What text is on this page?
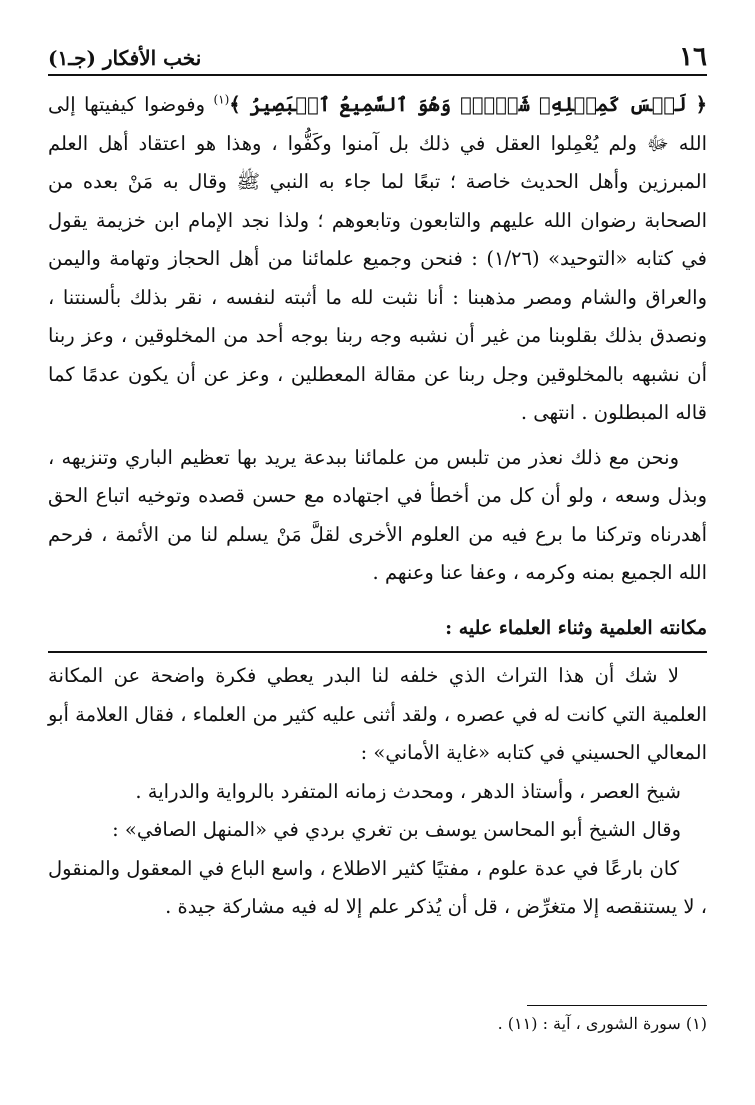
١٦
نخب الأفكار (جـ١)

﴿ لَيۡسَ كَمِثۡلِهِۦ شَيۡءٞۖ وَهُوَ ٱلسَّمِيعُ ٱلۡبَصِيرُ ﴾$^{(١)}$ وفوضوا كيفيتها إلى الله ﷻ ولم يُعْمِلوا العقل في ذلك بل آمنوا وكَفُّوا ، وهذا هو اعتقاد أهل العلم المبرزين وأهل الحديث خاصة ؛ تبعًا لما جاء به النبي ﷺ وقال به مَنْ بعده من الصحابة رضوان الله عليهم والتابعون وتابعوهم ؛ ولذا نجد الإمام ابن خزيمة يقول في كتابه «التوحيد» (١/٢٦) : فنحن وجميع علمائنا من أهل الحجاز وتهامة واليمن والعراق والشام ومصر مذهبنا : أنا نثبت لله ما أثبته لنفسه ، نقر بذلك بألسنتنا ، ونصدق بذلك بقلوبنا من غير أن نشبه وجه ربنا بوجه أحد من المخلوقين ، وعز ربنا أن نشبهه بالمخلوقين وجل ربنا عن مقالة المعطلين ، وعز عن أن يكون عدمًا كما قاله المبطلون . انتهى .

ونحن مع ذلك نعذر من تلبس من علمائنا ببدعة يريد بها تعظيم الباري وتنزيهه ، وبذل وسعه ، ولو أن كل من أخطأ في اجتهاده مع حسن قصده وتوخيه اتباع الحق أهدرناه وتركنا ما برع فيه من العلوم الأخرى لقلَّ مَنْ يسلم لنا من الأئمة ، فرحم الله الجميع بمنه وكرمه ، وعفا عنا وعنهم .

مكانته العلمية وثناء العلماء عليه :

لا شك أن هذا التراث الذي خلفه لنا البدر يعطي فكرة واضحة عن المكانة العلمية التي كانت له في عصره ، ولقد أثنى عليه كثير من العلماء ، فقال العلامة أبو المعالي الحسيني في كتابه «غاية الأماني» :

شيخ العصر ، وأستاذ الدهر ، ومحدث زمانه المتفرد بالرواية والدراية .

وقال الشيخ أبو المحاسن يوسف بن تغري بردي في «المنهل الصافي» :

كان بارعًا في عدة علوم ، مفتيًا كثير الاطلاع ، واسع الباع في المعقول والمنقول ، لا يستنقصه إلا متغرِّض ، قل أن يُذكر علم إلا له فيه مشاركة جيدة .

(١) سورة الشورى ، آية : (١١) .
